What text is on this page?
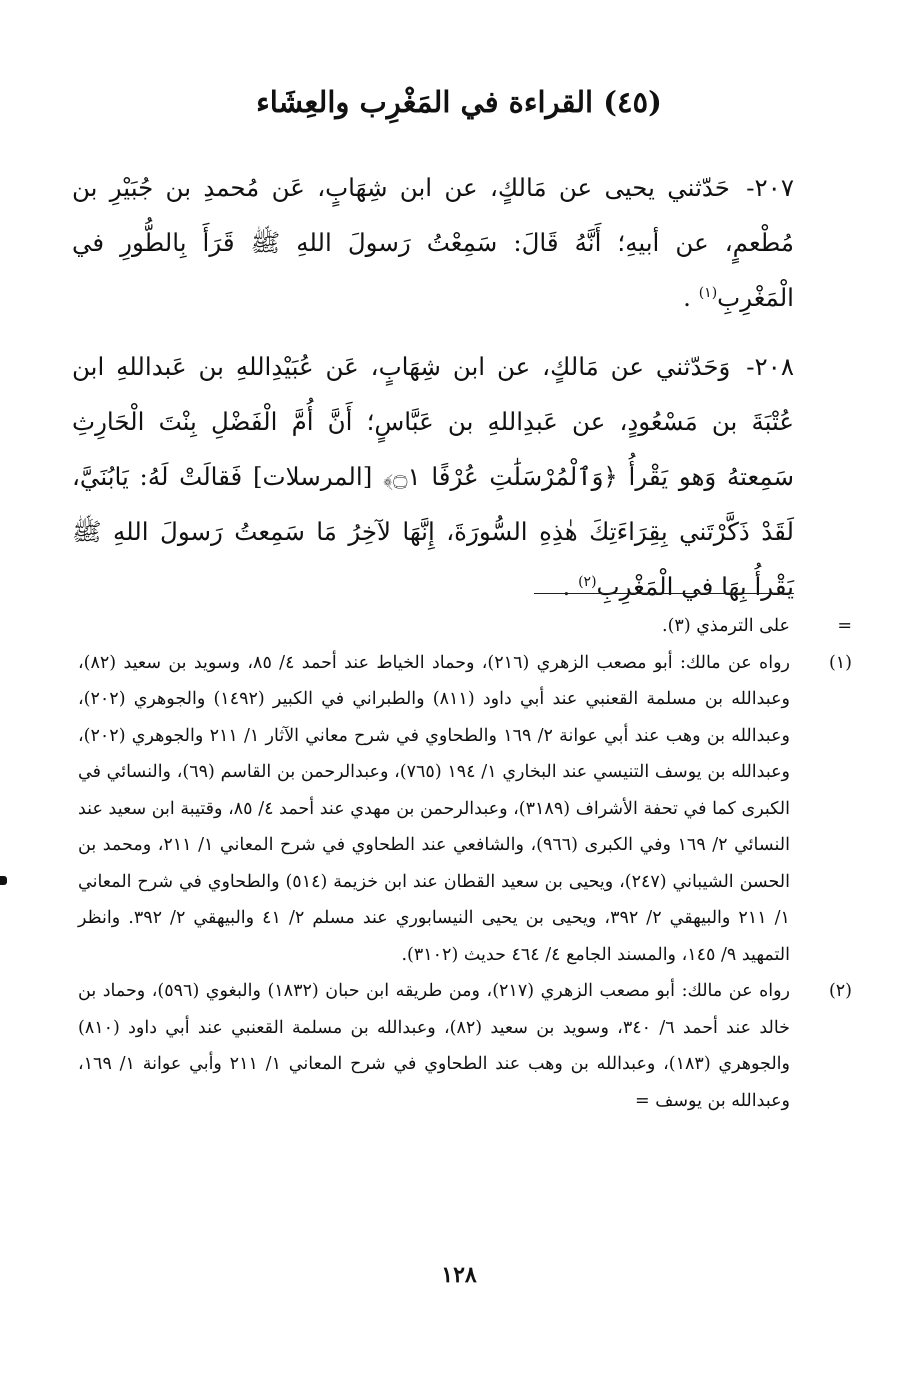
(٤٥) القراءة في المَغْرِب والعِشَاء

٢٠٧- حَدّثني يحيى عن مَالكٍ، عن ابن شِهَابٍ، عَن مُحمدِ بن جُبَيْرِ بن مُطْعمٍ، عن أبيهِ؛ أَنَّهُ قَالَ: سَمِعْتُ رَسولَ اللهِ ﷺ قَرَأَ بِالطُّورِ في الْمَغْرِبِ$^{(١)}$ .

٢٠٨- وَحَدّثني عن مَالكٍ، عن ابن شِهَابٍ، عَن عُبَيْدِاللهِ بن عَبداللهِ ابن عُتْبَةَ بن مَسْعُودٍ، عن عَبدِاللهِ بن عَبَّاسٍ؛ أَنَّ أُمَّ الْفَضْلِ بِنْتَ الْحَارِثِ سَمِعتهُ وَهو يَقْرأُ ﴿وَٱلْمُرْسَلَٰتِ عُرْفًا ۝١﴾ [المرسلات] فَقالَتْ لَهُ: يَابُنَيَّ، لَقَدْ ذَكَّرْتَني بِقِرَاءَتِكَ هٰذِهِ السُّورَةَ، إِنَّهَا لآخِرُ مَا سَمِعتُ رَسولَ اللهِ ﷺ يَقْرأُ بِهَا في الْمَغْرِبِ$^{(٢)}$ .

=
على الترمذي (٣).

(١)
رواه عن مالك: أبو مصعب الزهري (٢١٦)، وحماد الخياط عند أحمد ٤/ ٨٥، وسويد بن سعيد (٨٢)، وعبدالله بن مسلمة القعنبي عند أبي داود (٨١١) والطبراني في الكبير (١٤٩٢) والجوهري (٢٠٢)، وعبدالله بن وهب عند أبي عوانة ٢/ ١٦٩ والطحاوي في شرح معاني الآثار ١/ ٢١١ والجوهري (٢٠٢)، وعبدالله بن يوسف التنيسي عند البخاري ١/ ١٩٤ (٧٦٥)، وعبدالرحمن بن القاسم (٦٩)، والنسائي في الكبرى كما في تحفة الأشراف (٣١٨٩)، وعبدالرحمن بن مهدي عند أحمد ٤/ ٨٥، وقتيبة ابن سعيد عند النسائي ٢/ ١٦٩ وفي الكبرى (٩٦٦)، والشافعي عند الطحاوي في شرح المعاني ١/ ٢١١، ومحمد بن الحسن الشيباني (٢٤٧)، ويحيى بن سعيد القطان عند ابن خزيمة (٥١٤) والطحاوي في شرح المعاني ١/ ٢١١ والبيهقي ٢/ ٣٩٢، ويحيى بن يحيى النيسابوري عند مسلم ٢/ ٤١ والبيهقي ٢/ ٣٩٢. وانظر التمهيد ٩/ ١٤٥، والمسند الجامع ٤/ ٤٦٤ حديث (٣١٠٢).

(٢)
رواه عن مالك: أبو مصعب الزهري (٢١٧)، ومن طريقه ابن حبان (١٨٣٢) والبغوي (٥٩٦)، وحماد بن خالد عند أحمد ٦/ ٣٤٠، وسويد بن سعيد (٨٢)، وعبدالله بن مسلمة القعنبي عند أبي داود (٨١٠) والجوهري (١٨٣)، وعبدالله بن وهب عند الطحاوي في شرح المعاني ١/ ٢١١ وأبي عوانة ١/ ١٦٩، وعبدالله بن يوسف =

١٢٨
